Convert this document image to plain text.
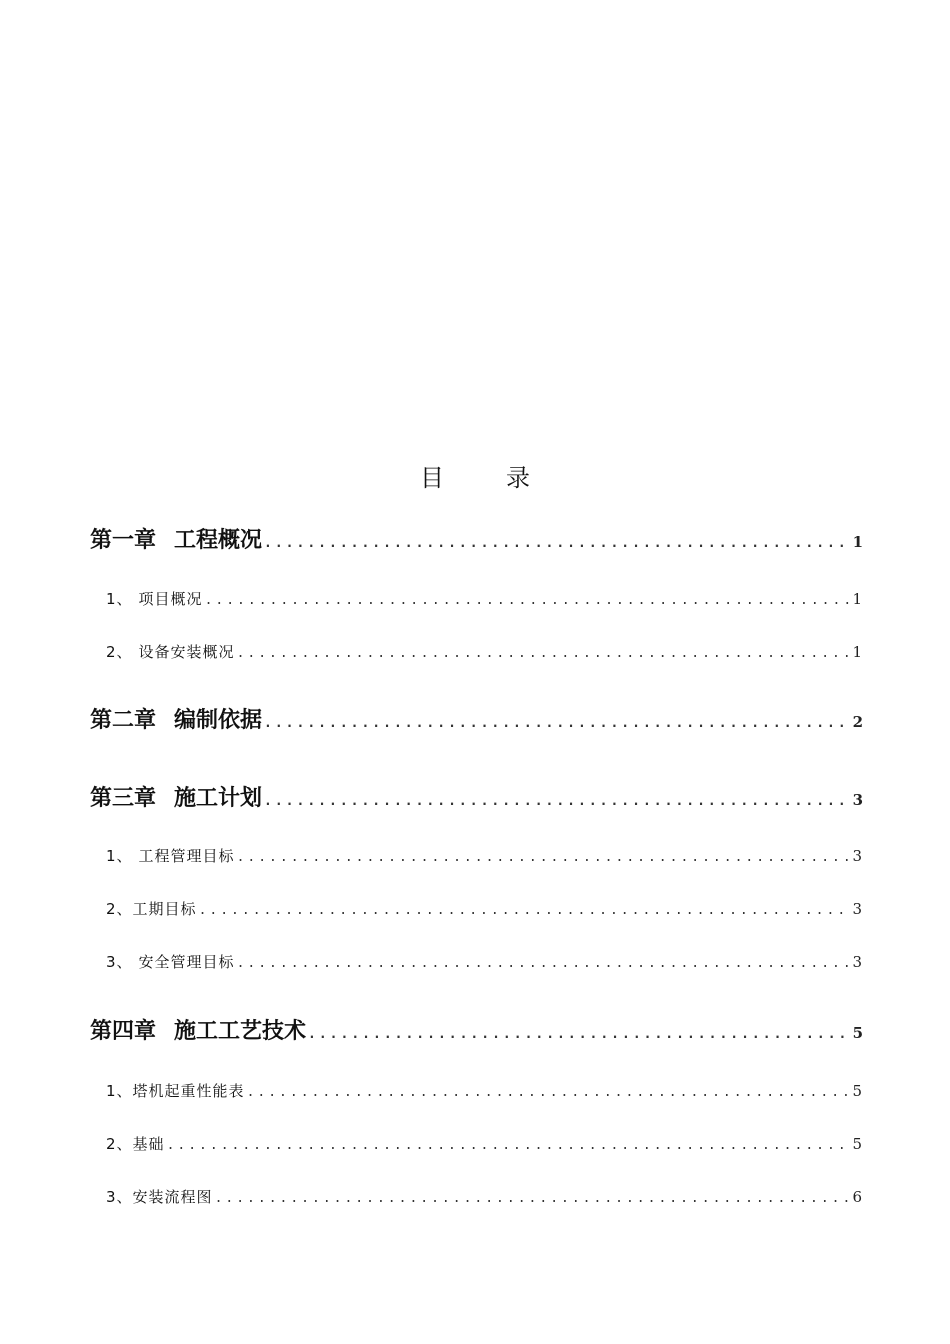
目	录
第一章 工程概况 .....	1
1、 项目概况 .....	1
2、 设备安装概况 .....	1
第二章 编制依据 .....	2
第三章 施工计划 .....	3
1、 工程管理目标 .....	3
2、 工期目标 .....	3
3、 安全管理目标 .....	3
第四章 施工工艺技术 .....	5
1、 塔机起重性能表 .....	5
2、 基础 .....	5
3、 安装流程图 .....	6
